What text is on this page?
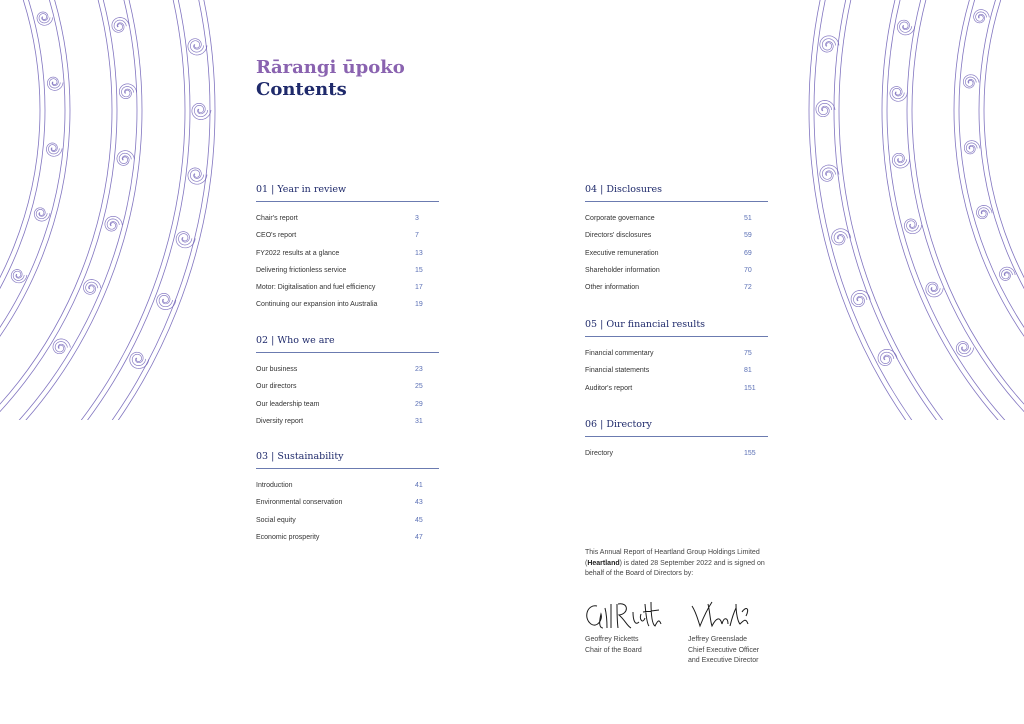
Rārangi ūpoko
Contents
01 | Year in review
Chair's report	3
CEO's report	7
FY2022 results at a glance	13
Delivering frictionless service	15
Motor: Digitalisation and fuel efficiency	17
Continuing our expansion into Australia	19
02 | Who we are
Our business	23
Our directors	25
Our leadership team	29
Diversity report	31
03 | Sustainability
Introduction	41
Environmental conservation	43
Social equity	45
Economic prosperity	47
04 | Disclosures
Corporate governance	51
Directors' disclosures	59
Executive remuneration	69
Shareholder information	70
Other information	72
05 | Our financial results
Financial commentary	75
Financial statements	81
Auditor's report	151
06 | Directory
Directory	155
This Annual Report of Heartland Group Holdings Limited (Heartland) is dated 28 September 2022 and is signed on behalf of the Board of Directors by:
Geoffrey Ricketts
Chair of the Board
Jeffrey Greenslade
Chief Executive Officer
and Executive Director
